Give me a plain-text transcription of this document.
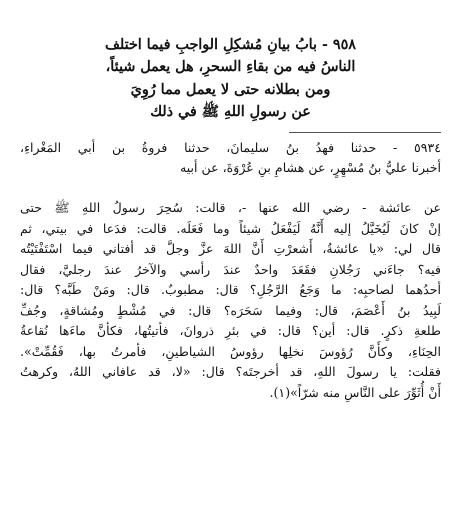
٩٥٨ - بابُ بيانِ مُشكِلِ الواجبِ فيما اختلف
الناسُ فيه من بقاءِ السحرِ، هل يعمل شيئاً،
ومن بطلانه حتى لا يعمل مما رُوِيَ
عن رسولِ اللهِ ﷺ في ذلك
٥٩٣٤ - حدثنا فهدُ بنُ سليمانَ، حدثنا فروةُ بن أبي المَغْراءِ،
أخبرنا عليُّ بنُ مُسْهِرٍ، عن هشامِ بنِ عُرْوَةَ، عن أبيه
عن عائشة - رضي الله عنها -، قالت: سُحِرَ رسولُ اللهِ ﷺ حتى
إنْ كانَ لَيُخَيَّلُ إليه أَنَّهُ لَيَفْعَلُ شيئاً وما فَعَلَه. قالت: فدَعا في بيتي، ثم
قال لي: «يا عائشةُ، أَشعرْتِ أَنَّ اللهَ عزَّ وجلَّ قد أفتاني فيما اسْتَفْتَيْتُه
فيه؟ جاءَني رَجُلانِ فقَعَدَ واحدٌ عندَ رأسي والآخرُ عندَ رجليَّ، فقال
أحدُهما لصاحبِه: ما وَجَعُ الرَّجُلِ؟ قال: مطبوبٌ. قال: ومَنْ طَبَّه؟ قال:
لَبِيدُ بنُ أَعْصَمَ، قال: وفيما سَحَرَه؟ قال: في مُشْطٍ ومُشاقةٍ، وجُفِّ
طلعةِ ذكرٍ. قال: أين؟ قال: في بئرِ ذروانَ، فأتيتُها، فكأنَّ ماءَها نُقاعةُ
الحِنَاءِ، وكأَنَّ رُؤوسَ نخلِها رؤوسُ الشياطينِ، فأمرتُ بها، فَقُمِّتْ».
فقلت: يا رسولَ اللهِ، قد أخرجتَه؟ قال: «لا، قد عافاني اللهُ، وكرهتُ
أَنْ أُثَوِّرَ على النَّاسِ منه شرّاً»(١).
